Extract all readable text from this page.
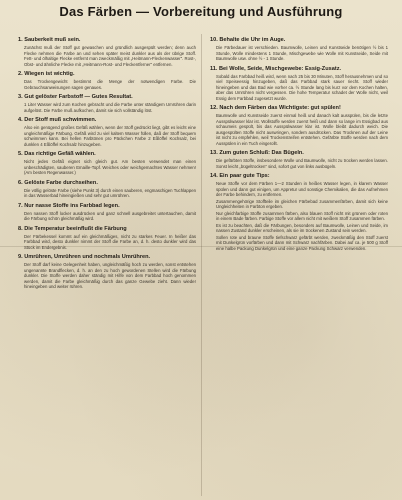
Das Färben — Vorbereitung und Ausführung
1. Sauberkeit muß sein.

Zunächst muß der Stoff gut gewaschen und gründlich ausgespült werden; denn auch Flecke nehmen die Farbe an und sehen später meist dunkler aus als der übrige Stoff. Fett- und ölhaltige Flecke entfernt man zweckmäßig mit „Heitmann-Fleckenwasser“. Rost-, Obst- und ähnliche Flecke mit „Heitmann-Rost- und Fleckentferner“ entfernen.

2. Wiegen ist wichtig.

Das Trockengewicht bestimmt die Menge der notwendigen Farbe. Die Gebrauchsanweisungen sagen genaues.

3. Gut gelöster Farbstoff — Gutes Resultat.

1 Liter Wasser wird zum Kochen gebracht und die Farbe unter ständigem Umrühren darin aufgelöst. Die Farbe muß aufkochen, damit sie sich vollständig löst.

4. Der Stoff muß schwimmen.

Also ein genügend großes Gefäß wählen, wenn der Stoff gedrückt liegt, gibt es leicht eine ungleichmäßige Färbung. Gefäß wird zu viel kaltem Wasser füllen, daß der Stoff bequem schwimmen kann. Bei hellen Farbtönen pro Päckchen Farbe 2 Eßlöffel Kochsalz, bei dunklen 4 Eßlöffel Kochsalz hinzugeben.

5. Das richtige Gefäß wählen.

Nicht jedes Gefäß eignet sich gleich gut. Am besten verwendet man einen unbeschädigten, sauberen Emaille-Topf. Weiches oder weichgemachtes Wasser nehmen! (Am besten Regenwasser.)

6. Gelöste Farbe durchseihen.

Die völlig gelöste Farbe (siehe Punkt 3) durch einen sauberen, engmaschigen Tuchlappen in das Wasserbad hineingießen und sehr gut umrühren.

7. Nur nasse Stoffe ins Farbbad legen.

Den nassen Stoff locker ausdrücken und ganz schnell ausgebreitet untertauchen, damit die Färbung schön gleichmäßig wird.

8. Die Temperatur beeinflußt die Färbung

Der Färbekessel kommt auf ein gleichmäßiges, nicht zu starkes Feuer. In heißer das Farbbad wird, desto dunkler nimmt der Stoff die Farbe an, d. h. desto dunkler wird das Stück im Endergebnis.

9. Umrühren, Umrühren und nochmals Umrühren.

Der Stoff darf keine Gelegenheit haben, ungleichmäßig hoch zu werden, sonst entstehen ungenannte Brandflecken, d. h. an den zu hoch gewordenen Stellen wird die Färbung dunkler. Die Stoffe werden daher ständig mit Hilfe von dem Farbbad hoch genommen werden, damit die Farbe gleichmäßig durch das ganze Gewebe zieht. Dann wieder hineingeben und weiter rühren.

10. Behalte die Uhr im Auge.

Die Färbedauer ist verschieden. Baumwolle, Leinen und Kunstseide benötigen ½ bis 1 Stunde, Wolle mindestens 1 Stunde, Mischgewebe wie Wolle mit Kunstseide, Seide mit Baumwolle usw. ohne ½ - 1 Stunde.

11. Bei Wolle, Seide, Mischgewebe: Essig-Zusatz.

Sobald das Farbbad heiß wird, wenn nach 25 bis 30 Minuten, Stoff herausnehmen und so viel Speiseessig hinzugeben, daß das Farbbad stark sauer riecht. Stoff wieder hineingeben und das Bad wie vorher ca. ½ Stunde lang bis kurz vor dem Kochen halten, aber das Umrühren nicht vergessen. Die hohe Temperatur schadet der Wolle nicht, weil Essig dem Farbbad zugesetzt wurde.

12. Nach dem Färben das Wichtigste: gut spülen!

Baumwolle und Kunstseide zuerst einmal heiß und danach kalt ausspülen, bis die letzte Ausspülwasser klar ist. Wollstoffe werden zuerst heiß und dann so lange im Essigbad aus schaumeis gespült, bis das Ausspülwasser klar ist. Wolle bleibt dadurch weich. Die ausgespülten Stoffe nicht auswringen, sondern ausdrücken. Das Trocknen auf der Leine ist nicht zu empfehlen, weil Trockenstreifen entstehen. Gefärbte Stoffe werden nach dem Ausspülen in ein Tuch eingerollt.

13. Zum guten Schluß: Das Bügeln.

Die gefärbten Stoffe, insbesondere Wolle und Baumwolle, nicht zu trocken werden lassen. Sonst leicht „bügeltrocken“ sind, sofort gut von links ausbügeln.

14. Ein paar gute Tips:

Neue Stoffe vor dem Färben 1—2 Stunden in heißes Wasser legen, in klarem Wasser spülen und dann gut einigen, um Appretur und sonstige Chemikalien, die das Aufnehmen der Farbe behindern, zu entfernen.

Zusammengehörige Stoffteile im gleichen Färbebad zusammenfärben, damit sich keine Ungleichheiten in Farbton ergeben.

Nur gleichfarbige Stoffe zusammen färben, also blauen Stoff nicht mit grünem oder roten in einem Bade färben. Farbige Stoffe vor allem nicht mit weißem Stoff zusammen färben.

Es ist zu beachten, daß die Färbungen, besonders auf Baumwolle, Leinen und Seide, im nassen Zustand dunkler erscheinen, als sie im trockenen Zustand sein werden.

Sollen rote und braune Stoffe tiefschwarz gefärbt werden, zweckmäßig den Stoff zuerst mit Dunkelgrün vorfärben und dann mit Schwarz nachfärben. Dabei auf ca. je 500 g Stoff eine halbe Packung Dunkelgrün und eine ganze Packung Schwarz verwenden.
